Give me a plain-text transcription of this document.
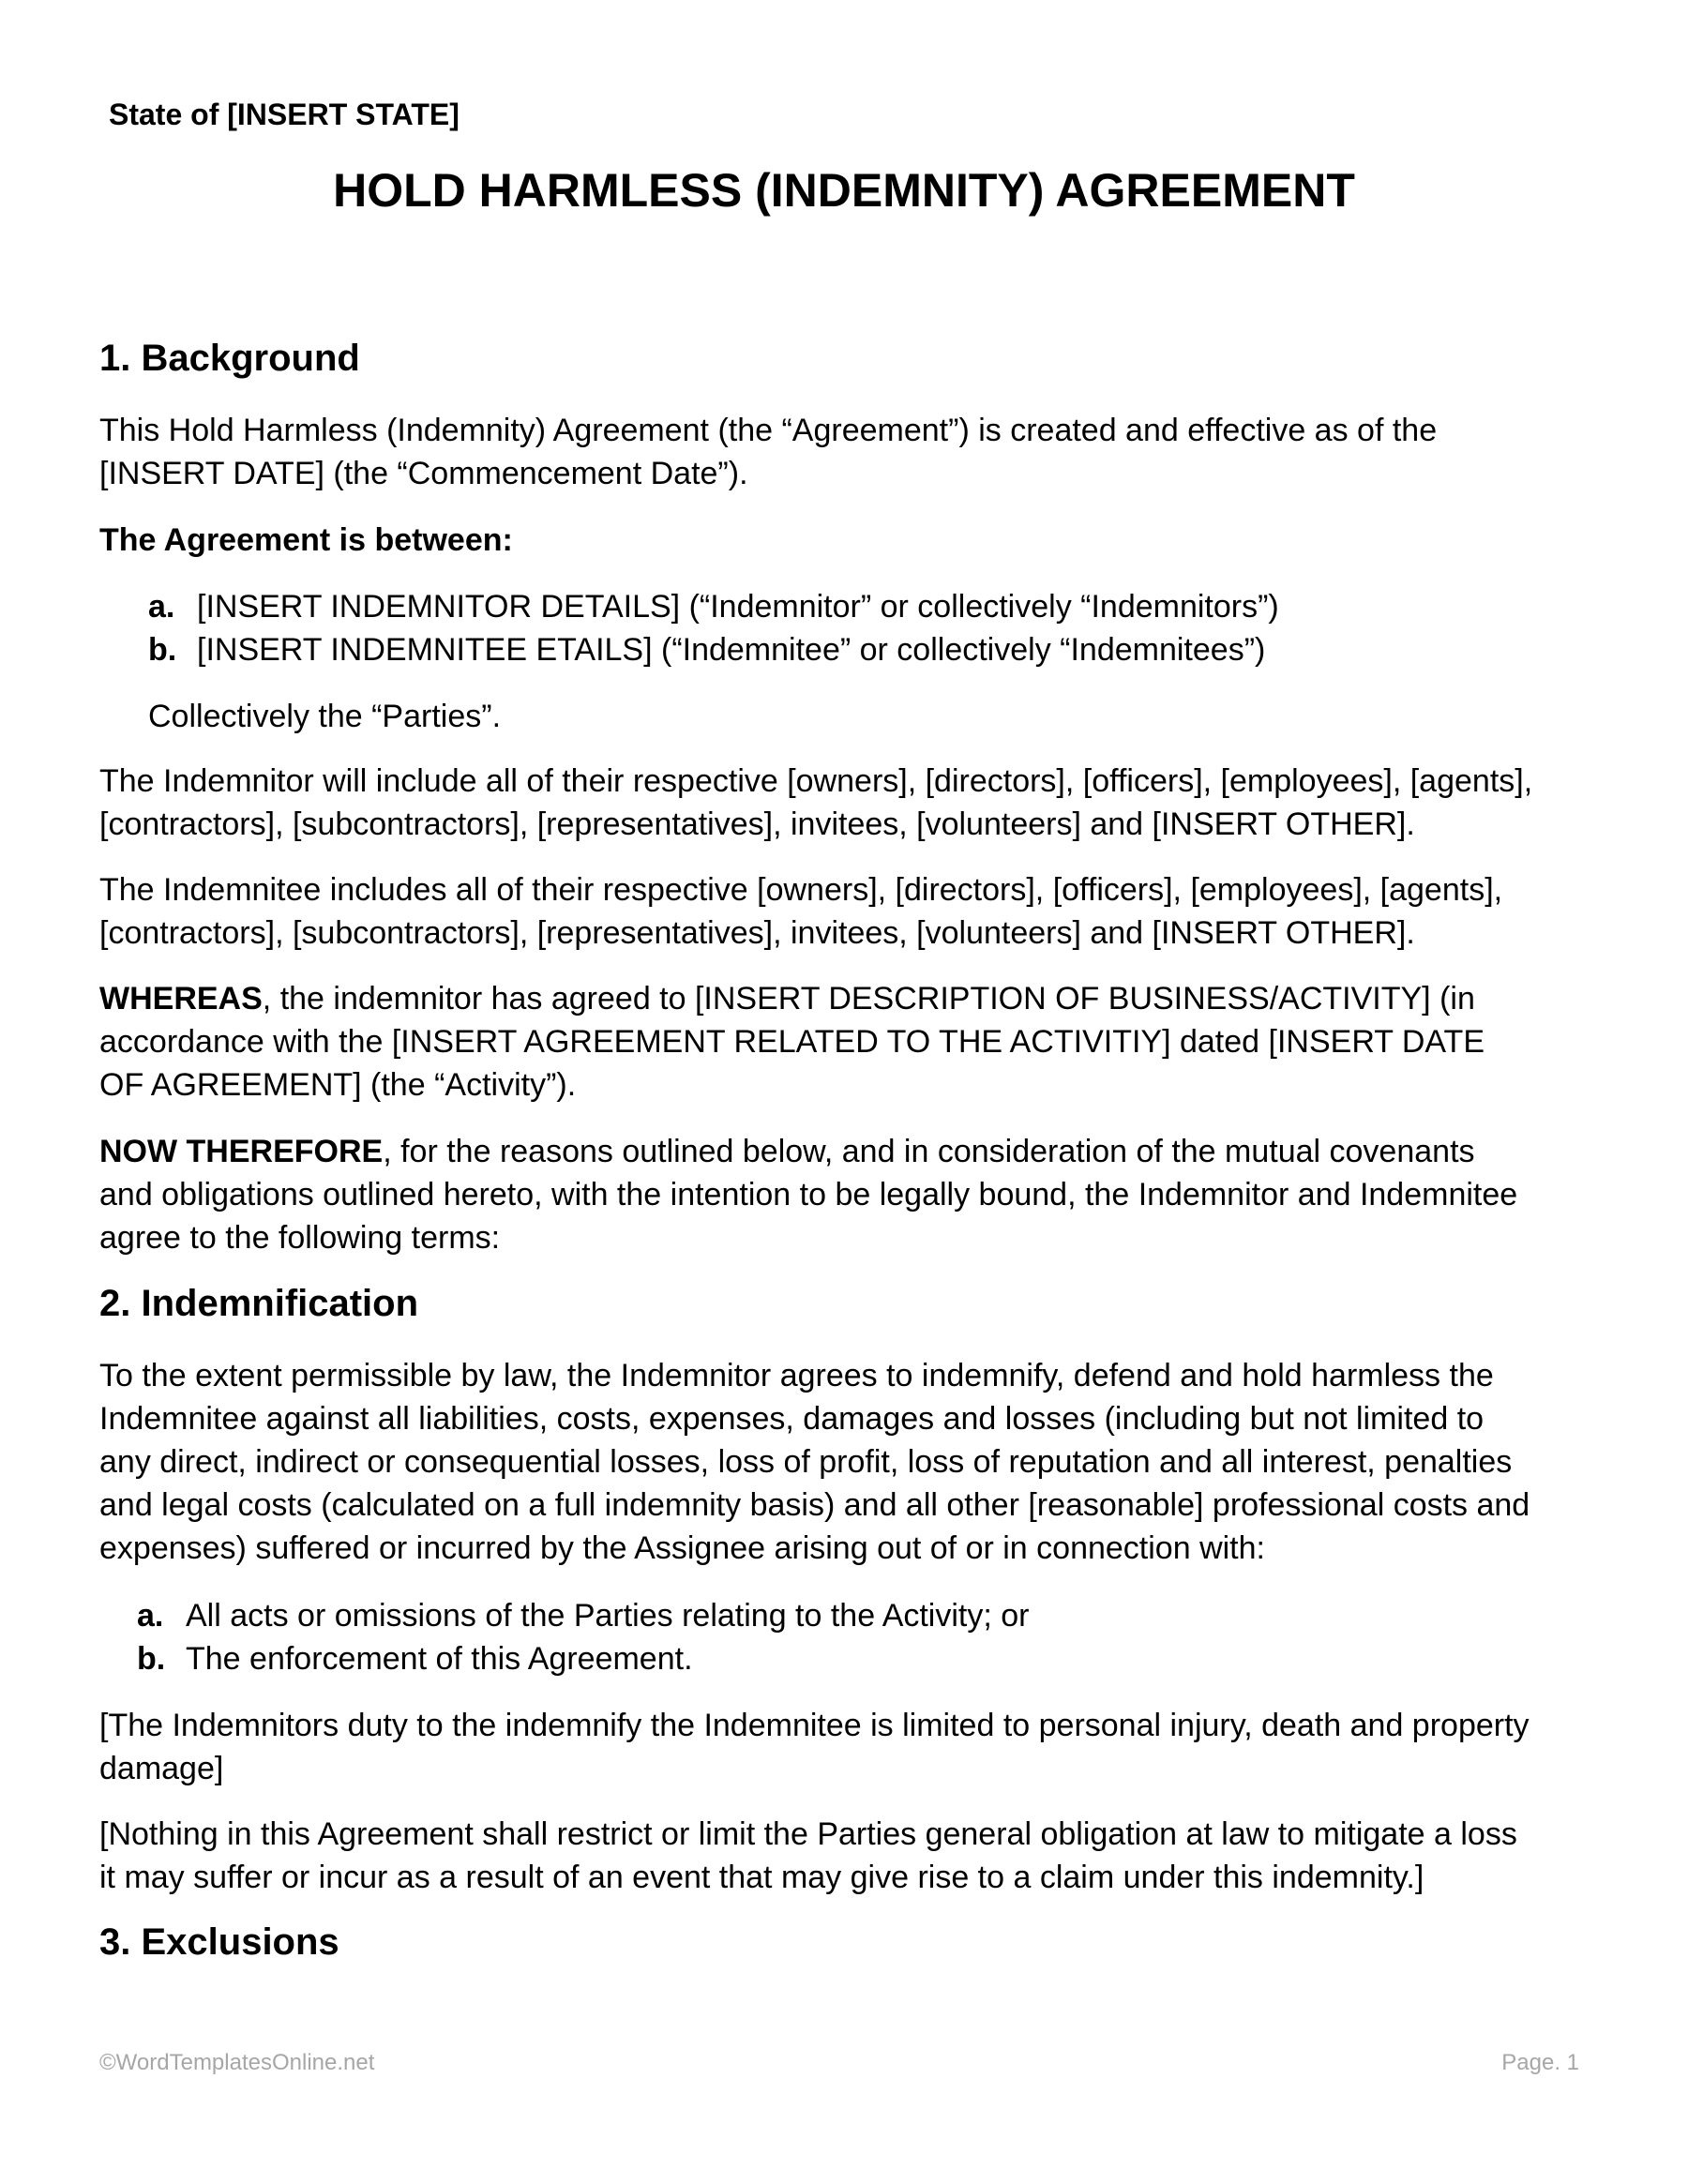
State of [INSERT STATE]
HOLD HARMLESS (INDEMNITY) AGREEMENT
1. Background
This Hold Harmless (Indemnity) Agreement (the “Agreement”) is created and effective as of the
[INSERT DATE] (the “Commencement Date”).
The Agreement is between:
a. [INSERT INDEMNITOR DETAILS] (“Indemnitor” or collectively “Indemnitors”)
b. [INSERT INDEMNITEE ETAILS] (“Indemnitee” or collectively “Indemnitees”)
Collectively the “Parties”.
The Indemnitor will include all of their respective [owners], [directors], [officers], [employees], [agents],
[contractors], [subcontractors], [representatives], invitees, [volunteers] and [INSERT OTHER].
The Indemnitee includes all of their respective [owners], [directors], [officers], [employees], [agents],
[contractors], [subcontractors], [representatives], invitees, [volunteers] and [INSERT OTHER].
WHEREAS, the indemnitor has agreed to [INSERT DESCRIPTION OF BUSINESS/ACTIVITY] (in
accordance with the [INSERT AGREEMENT RELATED TO THE ACTIVITIY] dated [INSERT DATE
OF AGREEMENT] (the “Activity”).
NOW THEREFORE, for the reasons outlined below, and in consideration of the mutual covenants
and obligations outlined hereto, with the intention to be legally bound, the Indemnitor and Indemnitee
agree to the following terms:
2. Indemnification
To the extent permissible by law, the Indemnitor agrees to indemnify, defend and hold harmless the
Indemnitee against all liabilities, costs, expenses, damages and losses (including but not limited to
any direct, indirect or consequential losses, loss of profit, loss of reputation and all interest, penalties
and legal costs (calculated on a full indemnity basis) and all other [reasonable] professional costs and
expenses) suffered or incurred by the Assignee arising out of or in connection with:
a. All acts or omissions of the Parties relating to the Activity; or
b. The enforcement of this Agreement.
[The Indemnitors duty to the indemnify the Indemnitee is limited to personal injury, death and property
damage]
[Nothing in this Agreement shall restrict or limit the Parties general obligation at law to mitigate a loss
it may suffer or incur as a result of an event that may give rise to a claim under this indemnity.]
3. Exclusions
©WordTemplatesOnline.net	Page. 1
